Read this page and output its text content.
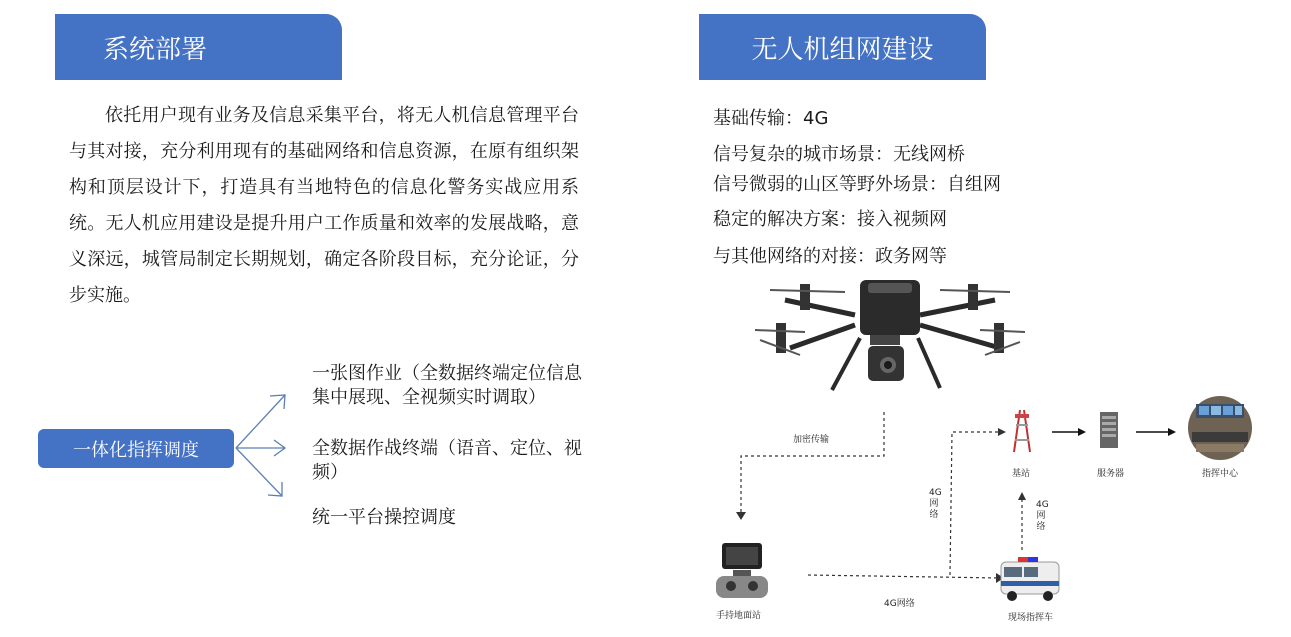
系统部署	无人机组网建设
依托用户现有业务及信息采集平台，将无人机信息管理平台与其对接，充分利用现有的基础网络和信息资源，在原有组织架构和顶层设计下，打造具有当地特色的信息化警务实战应用系统。无人机应用建设是提升用户工作质量和效率的发展战略，意义深远，城管局制定长期规划，确定各阶段目标，充分论证，分步实施。
基础传输：4G
信号复杂的城市场景：无线网桥
信号微弱的山区等野外场景：自组网
稳定的解决方案：接入视频网
与其他网络的对接：政务网等
一体化指挥调度
一张图作业（全数据终端定位信息集中展现、全视频实时调取）
全数据作战终端（语音、定位、视频）
统一平台操控调度
加密传输
基站	服务器	指挥中心
手持地面站	现场指挥车
4G网络
4G网络
4G网络
